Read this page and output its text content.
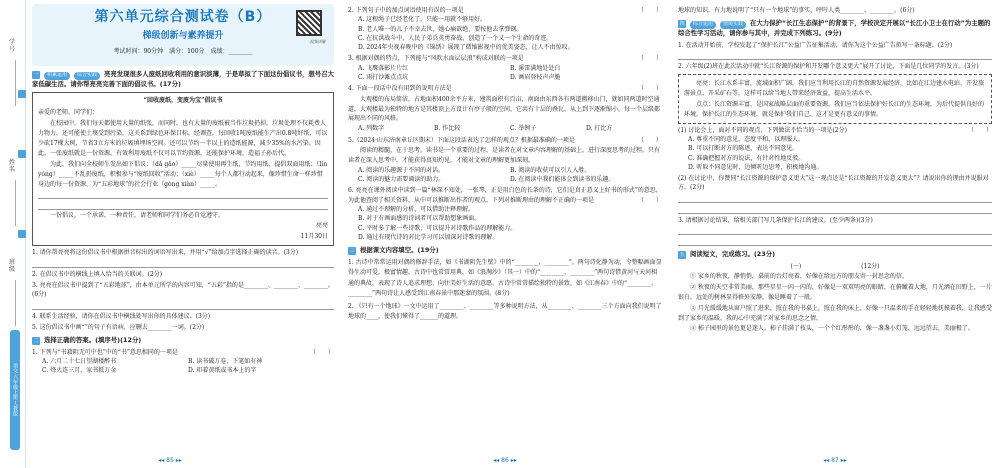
学号
姓名
班级
语文·六年级上册 人教版
第六单元综合测试卷（B）
梯级创新与素养提升
考试时间：90分钟　满分：100分　成绩：________
视频讲解
一 积累运用 综合实践 亮亮发现很多人废纸回收利用的意识淡薄，于是草拟了下面这份倡议书，想号召大家低碳生活。请你帮亮亮完善下面的倡议书。(17分)
“回收废纸，变废为宝”倡议书
亲爱的老师、同学们：
在校园中，我们每天都使用大量的纸张，而同时，也有大量的废纸被当作垃圾扔掉。垃圾处理不仅耗费人力物力，还可能使土壤受到污染，这关系到绿色环保目标。经调查，每回收1吨废纸能生产出0.8吨好纸，可以少砍17棵大树，节省3立方米的垃圾填埋场空间。还可以节约一半以上的造纸能源，减少35%的水污染。因此，一张废纸就是一份资源，有效利用废纸不仅可以节约资源，还能保护环境，造福子孙后代。
为此，我们向全校师生发出如下倡议：（dǎ gǎo）_____尽量使用再生纸，节约用纸，提倡双面用纸；（lín yóng）_____不乱扔废纸，积极参与“废纸回收”活动；（xiè）_____每个人都行动起来，像珍惜生命一样珍惜身边的每一份资源，为“五彩地球”的社会行业（gòng xiàn）_____。
一份倡议，一个承诺，一种责任，请老师和同学们务必自觉遵守。
亮亮
11月30日
1. 请你帮亮亮将这份倡议书中根据拼音标出的词语写出来，并用“√”给加点字选择正确的读音。(3分)
2. 在倡议书中的横线上填入恰当的关联词。(2分)
3. 亮亮在倡议书中提到了“五彩地球”，由本单元所学的内容可知，“五彩”指的是________、________、________。(6分)
4. 联系生活经验，请你在倡议书中横线处写出你的具体建议。(3分)
5. 这份倡议书中画“”的句子有语病，应删去________一词。(2分)
二 选择正确的答案。(填序号)(12分)
1. 下列与“书籍阴无可中也”中的“书”意思相同的一项是	（　　）
A. 六月二十七日望湖楼醉书	B. 读书破万卷，下笔如有神
C. 烽火连三月，家书抵万金	D. 印着黄纸或书本上的字
◂◂ 85 ▸▸
2. 下列句子中的加点词语使用有误的一项是	（　　）
A. 这根绳子已经老化了，只能一用就不够用好。
B. 老人唯一的儿子不幸去世，她心痛欲绝，要按他去拿弹钢。
C. 在抗洪战斗中，人民子弟兵英勇奋战，创造了一个又一个生命的奇迹。
D. 2024年央视春晚中的《锦绣》展现了微缩影视中的优美姿态，让人不由惊叹。
3. 根据对偶的特点，下列能与“风吹水面层层浪”构成对联的一项是	（　　）
A. 飞鹰落影片片红	B. 溪雷满地处处白
C. 雨打沙滩点点坑	D. 画眉登枝声声脆
4. 下面一段话中没有用到的说明方法是	（　　）
大观楼的布局简洁，占地面积400余平方米，建筑面积有百亩，南面由东西各有两道搬移山门，就如同两道时空通道，大观楼最为独特的地方是其楼顶上方设计有亭子般的空间，它共有十层的叠瓦，从上到下逐渐缩小，每一个层级都展现出不同的风格。
A. 列数字	B. 作比较	C. 举例子	D. 打比方
5.（2024·山东济南章丘区期末）下面这段话表达了怎样的观点？根据最准确的一项是	（　　）
阅读的精髓，在于思考。读书是一个重要的过程，是读者在对文章内容理解的基础上，进行深度思考的过程。只有读者在深入思考中，才能获得真知灼见，才能对文章的理解更加深刻。
A. 阅读的乐趣源于不同的对话。	B. 阅读的收获可以引人入胜。
C. 阅读的魅力需要诵读的助力。	D. 在阅读中我们能体会到读书的乐趣。
6. 亮亮在课外阅读中读到一篇“林深不知处，一张琴，正是用白色的长条的诗，它们是真正意义上好书的形式”的意思，为此他查阅了相关资料，从中可以推断出作者的观点。下列对推断理由的理解不正确的一项是	（　　）
A. 通过不理解的分析，可以借助注释理解。
B. 对于有画面感的诗词者可以帮助想象画面。
C. 平时多了解一些诗歌，可以提升对诗歌作品的理解能力。
D. 通过有现代诗的对比学习可以加深对诗歌的理解。
三 根据课文内容填空。(19分)
1. 古诗中常常运用对偶的修辞手法，如《书湖阴先生壁》中的“________，________”。两句诗化静为动，令整幅画面显得生动可爱，极富情趣。古诗中也常常用典，如《浪淘沙》（其一）中的“________，________”两句诗借黄河与天河相通的典故，表现了诗人追求理想、向往美好生活的意愿。古诗中常常描绘独特的景致，如《江南春》中的“________，________”两句诗让人感受到江南春景中那迷蒙的氛围。(8分)
2. 《只有一个地球》一文中运用了________、________等多种说明方法，从________、________三个方面向我们说明了地球的____，使我们懂得了______的道理。
◂◂ 86 ▸▸
地球的知识，有力地说明了“只有一个地球”的事实，呼吁人类________，________。(6分)
四 综合运用 情境实践 在大力保护“长江生态保护”的背景下，学校决定开展以“长江小卫士在行动”为主题的综合性学习活动，请你参与其中，并完成下列练习。(9分)
1. 在活动开始前，学校发起了“保护长江”公益广告征集活动，请你为这个公益广告拟写一条标题。(2分)
2. 六年级(2)班在此次活动中就“长江资源的保护和开发哪个意义更大”展开了讨论，下面是几位同学的发言。(3分)
亮亮：长江水系丰富，流域面积广阔，我们应当利用长江的自然资源发展经济，比如在江边建水电站、开发旅游景点、开采矿石等，这样可以给当地人带来经济效益，提高生活水平。
点点：长江资源丰富，是国家战略层面的重要资源，我们应当依法保护好长江的生态环境，为后代提供良好的环境。保护长江的生态环境，就是保护我们自己，这才是更有意义的事情。
(1) 讨论会上，面对不同的观点，下列做法不恰当的一项是(2分)	（　　）
A. 尊重不同的意见，态度平和，以理服人。
B. 可以打断对方的陈述，表达不同意见。
C. 准确把握对方的说法，有针对性地反驳。
D. 听取不同意见时，边倾听边思考，积极地沟通。
(2) 在讨论中，你赞同“长江资源的保护意义更大”这一观点还是“长江资源的开发意义更大”？请说出你的理由并说服对方。(2分)
3. 请根据讨论结果，给相关部门写几条保护长江的建议。(至少两条)(3分)
五 阅读短文，完成练习。(23分)
(一)　　　　　　　　　　(12分)
① 家乡的秋夜，静悄悄，桌前的台灯亮着，好像在给远方的朋友寄一封思念的信。
② 秋夜的天空非常美丽，那些星星一闪一闪的，好像是一双双明亮的眼睛，在俯瞰着大地，月光洒在田野上，一片银白，远处的树林显得格外安静，像是睡着了一般。
③ 月光缓缓地从窗户照了进来，照在我的书桌上，照在我的床上，好像一只温柔的手在轻轻地抚摸着我，让我感受到了家乡的温暖，我的心中充满了对家乡的思念之情。
④ 柿子园里的景色更是迷人。柿子挂满了枝头，一个个红彤彤的，像一盏盏小灯笼，远远望去，美丽极了。
◂◂ 87 ▸▸
